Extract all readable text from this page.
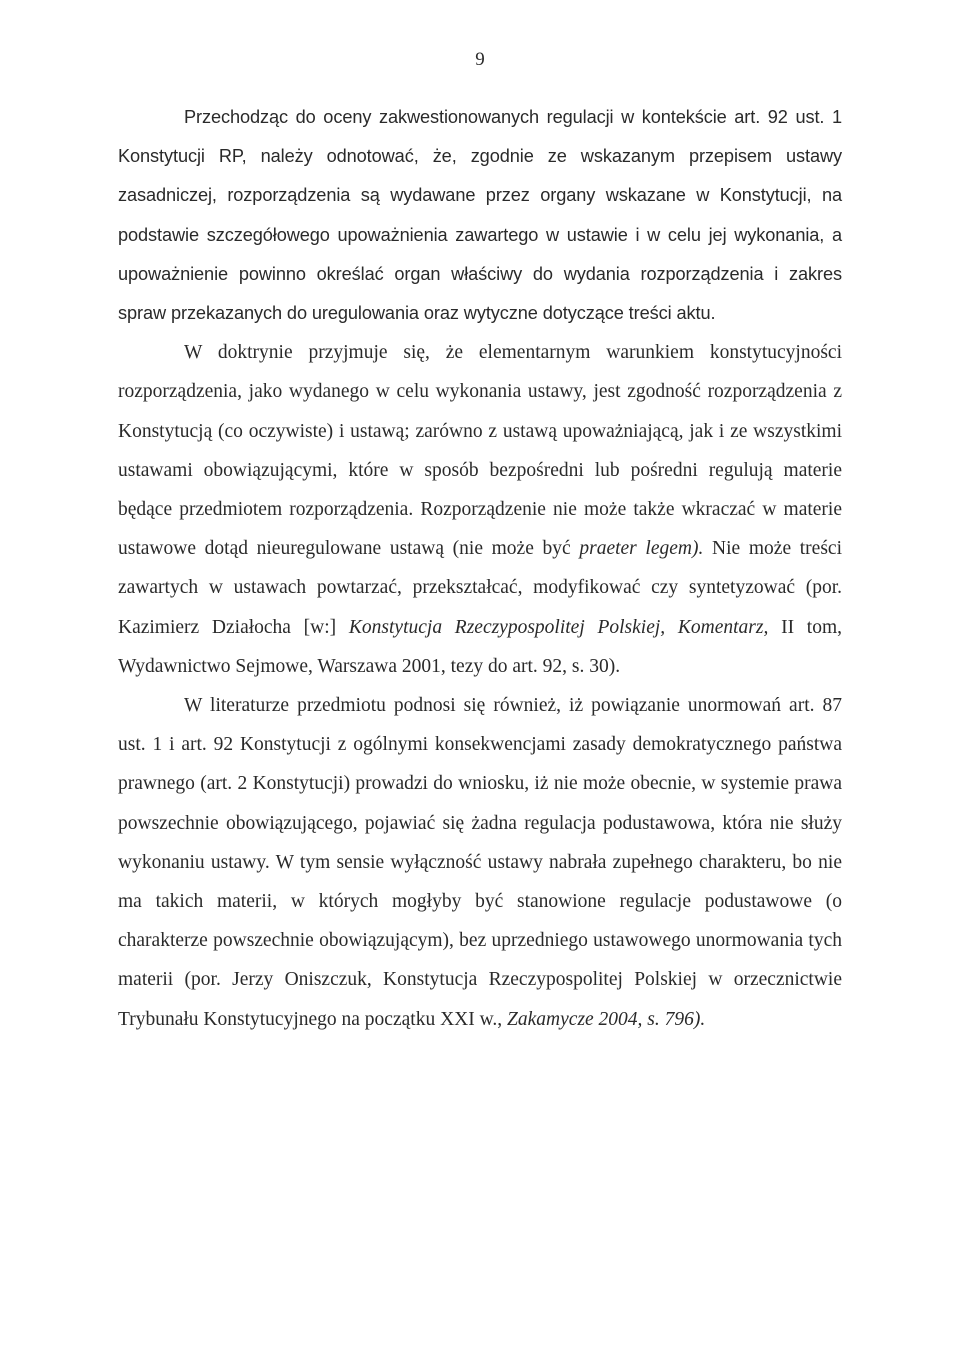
9

Przechodząc do oceny zakwestionowanych regulacji w kontekście art. 92 ust. 1 Konstytucji RP, należy odnotować, że, zgodnie ze wskazanym przepisem ustawy zasadniczej, rozporządzenia są wydawane przez organy wskazane w Konstytucji, na podstawie szczegółowego upoważnienia zawartego w ustawie i w celu jej wykonania, a upoważnienie powinno określać organ właściwy do wydania rozporządzenia i zakres spraw przekazanych do uregulowania oraz wytyczne dotyczące treści aktu.

W doktrynie przyjmuje się, że elementarnym warunkiem konstytucyjności rozporządzenia, jako wydanego w celu wykonania ustawy, jest zgodność rozporządzenia z Konstytucją (co oczywiste) i ustawą; zarówno z ustawą upoważniającą, jak i ze wszystkimi ustawami obowiązującymi, które w sposób bezpośredni lub pośredni regulują materie będące przedmiotem rozporządzenia. Rozporządzenie nie może także wkraczać w materie ustawowe dotąd nieuregulowane ustawą (nie może być praeter legem). Nie może treści zawartych w ustawach powtarzać, przekształcać, modyfikować czy syntetyzować (por. Kazimierz Działocha [w:] Konstytucja Rzeczypospolitej Polskiej, Komentarz, II tom, Wydawnictwo Sejmowe, Warszawa 2001, tezy do art. 92, s. 30).

W literaturze przedmiotu podnosi się również, iż powiązanie unormowań art. 87 ust. 1 i art. 92 Konstytucji z ogólnymi konsekwencjami zasady demokratycznego państwa prawnego (art. 2 Konstytucji) prowadzi do wniosku, iż nie może obecnie, w systemie prawa powszechnie obowiązującego, pojawiać się żadna regulacja podustawowa, która nie służy wykonaniu ustawy. W tym sensie wyłączność ustawy nabrała zupełnego charakteru, bo nie ma takich materii, w których mogłyby być stanowione regulacje podustawowe (o charakterze powszechnie obowiązującym), bez uprzedniego ustawowego unormowania tych materii (por. Jerzy Oniszczuk, Konstytucja Rzeczypospolitej Polskiej w orzecznictwie Trybunału Konstytucyjnego na początku XXI w., Zakamycze 2004, s. 796).
